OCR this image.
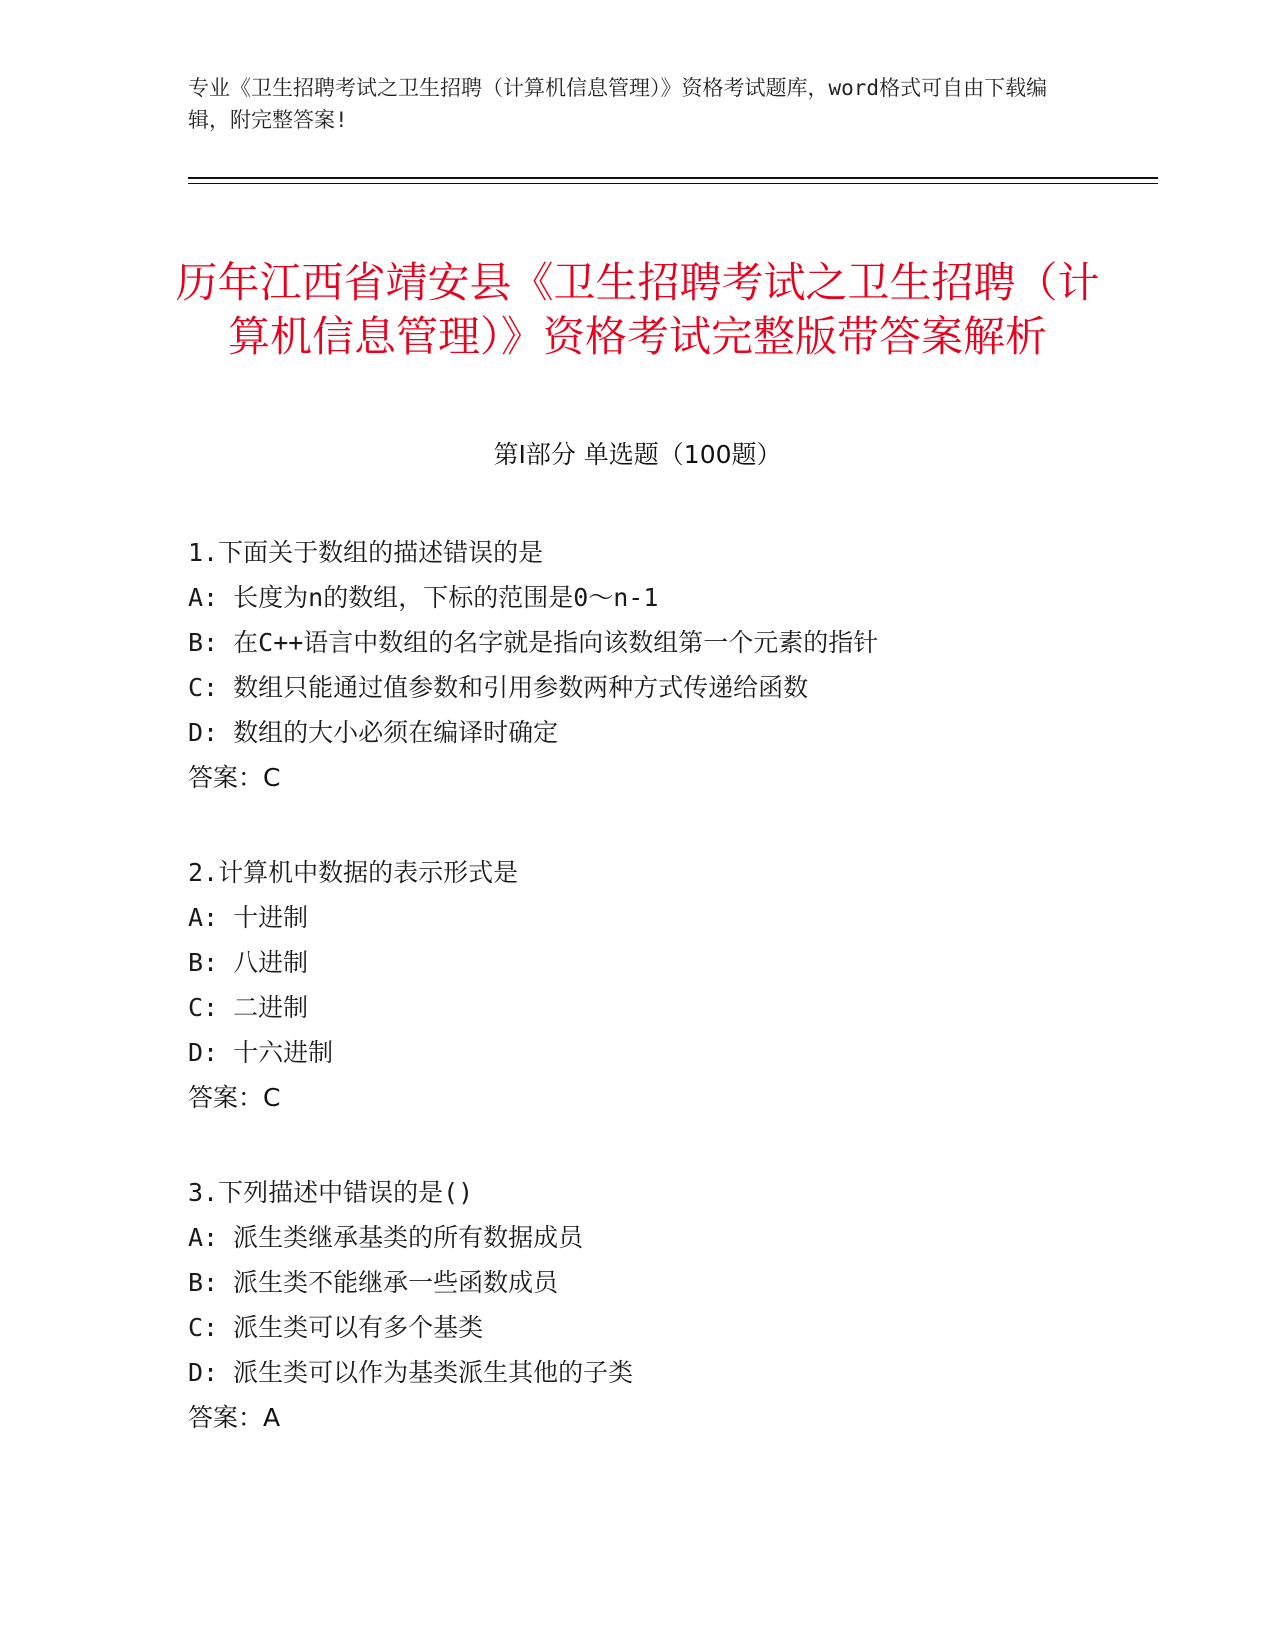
专业《卫生招聘考试之卫生招聘（计算机信息管理）》资格考试题库，word格式可自由下载编辑，附完整答案!
历年江西省靖安县《卫生招聘考试之卫生招聘（计算机信息管理）》资格考试完整版带答案解析
第I部分 单选题（100题）
1.下面关于数组的描述错误的是
A: 长度为n的数组，下标的范围是0～n-1
B: 在C++语言中数组的名字就是指向该数组第一个元素的指针
C: 数组只能通过值参数和引用参数两种方式传递给函数
D: 数组的大小必须在编译时确定
答案：C
2.计算机中数据的表示形式是
A: 十进制
B: 八进制
C: 二进制
D: 十六进制
答案：C
3.下列描述中错误的是()
A: 派生类继承基类的所有数据成员
B: 派生类不能继承一些函数成员
C: 派生类可以有多个基类
D: 派生类可以作为基类派生其他的子类
答案：A
